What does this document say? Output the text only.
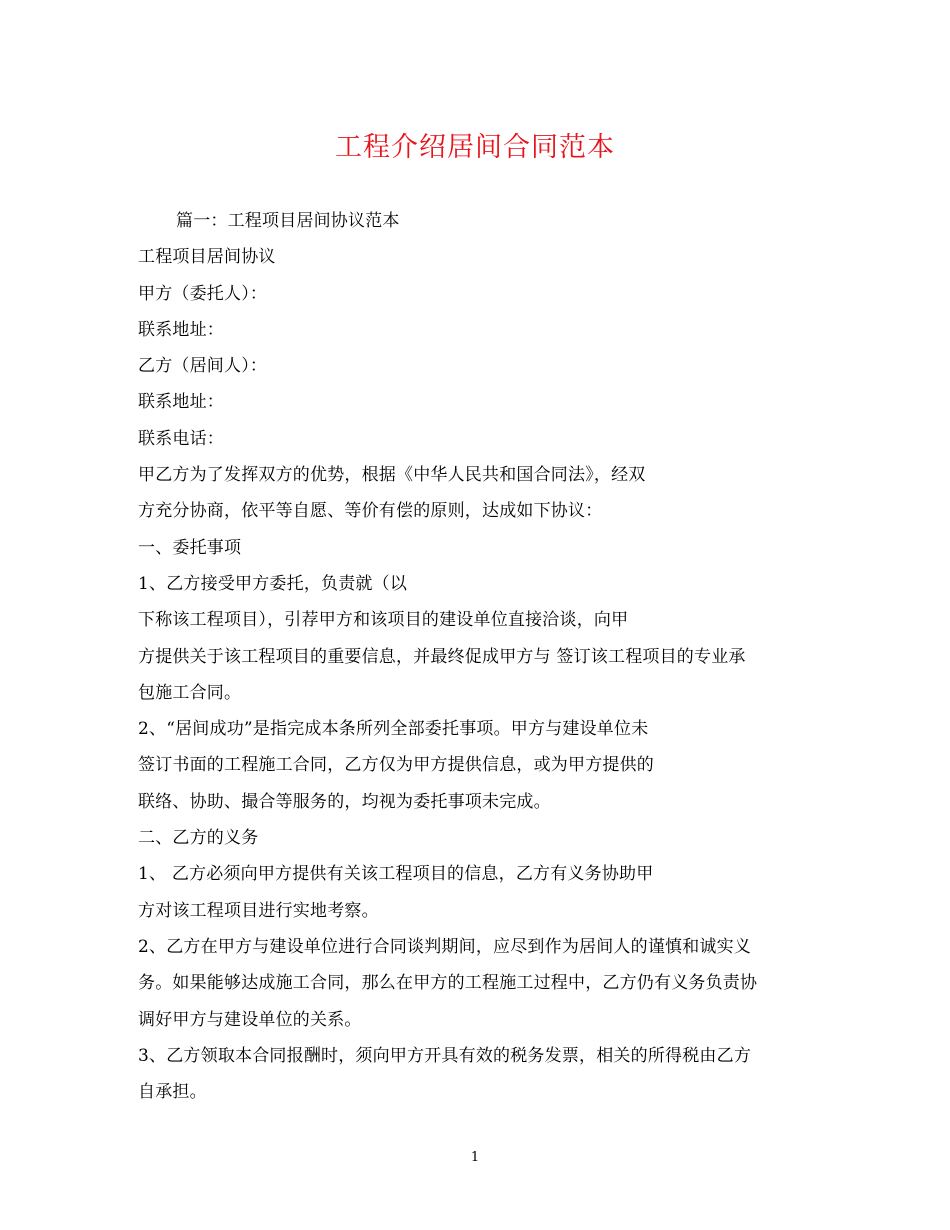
工程介绍居间合同范本
篇一：工程项目居间协议范本
工程项目居间协议
甲方（委托人）：
联系地址：
乙方（居间人）：
联系地址：
联系电话：
甲乙方为了发挥双方的优势，根据《中华人民共和国合同法》，经双
方充分协商，依平等自愿、等价有偿的原则，达成如下协议：
一、委托事项
1、乙方接受甲方委托，负责就（以
下称该工程项目），引荐甲方和该项目的建设单位直接洽谈，向甲
方提供关于该工程项目的重要信息，并最终促成甲方与 签订该工程项目的专业承
包施工合同。
2、“居间成功”是指完成本条所列全部委托事项。甲方与建设单位未
签订书面的工程施工合同，乙方仅为甲方提供信息，或为甲方提供的
联络、协助、撮合等服务的，均视为委托事项未完成。
二、乙方的义务
1、 乙方必须向甲方提供有关该工程项目的信息，乙方有义务协助甲
方对该工程项目进行实地考察。
2、乙方在甲方与建设单位进行合同谈判期间，应尽到作为居间人的谨慎和诚实义
务。如果能够达成施工合同，那么在甲方的工程施工过程中，乙方仍有义务负责协
调好甲方与建设单位的关系。
3、乙方领取本合同报酬时，须向甲方开具有效的税务发票，相关的所得税由乙方
自承担。
1
